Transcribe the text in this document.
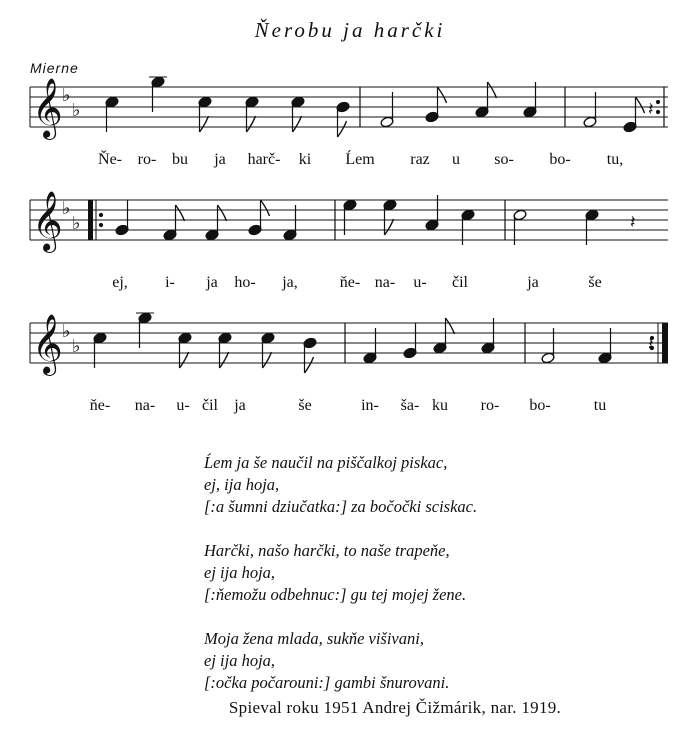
Ňerobu ja harčki
Mierne
𝄞 ♭
♭	𝄽
𝄞 ♭
♭	𝄽
𝄞 ♭
♭	𝄽
Ňe- ro- bu ja harč- ki Ĺem raz u so- bo- tu,
ej, i- ja ho- ja,	ňe- na- u- čil	ja	še
ňe- na- u- čil ja	še	in- ša- ku ro- bo-	tu
Ĺem ja še naučil na piščalkoj piskac,
ej, ija hoja,
[:a šumni dziučatka:] za bočočki sciskac.
Harčki, našo harčki, to naše trapeňe,
ej ija hoja,
[:ňemožu odbehnuc:] gu tej mojej žene.
Moja žena mlada, sukňe višivani,
ej ija hoja,
[:očka počarouni:] gambi šnurovani.
Spieval roku 1951 Andrej Čižmárik, nar. 1919.
